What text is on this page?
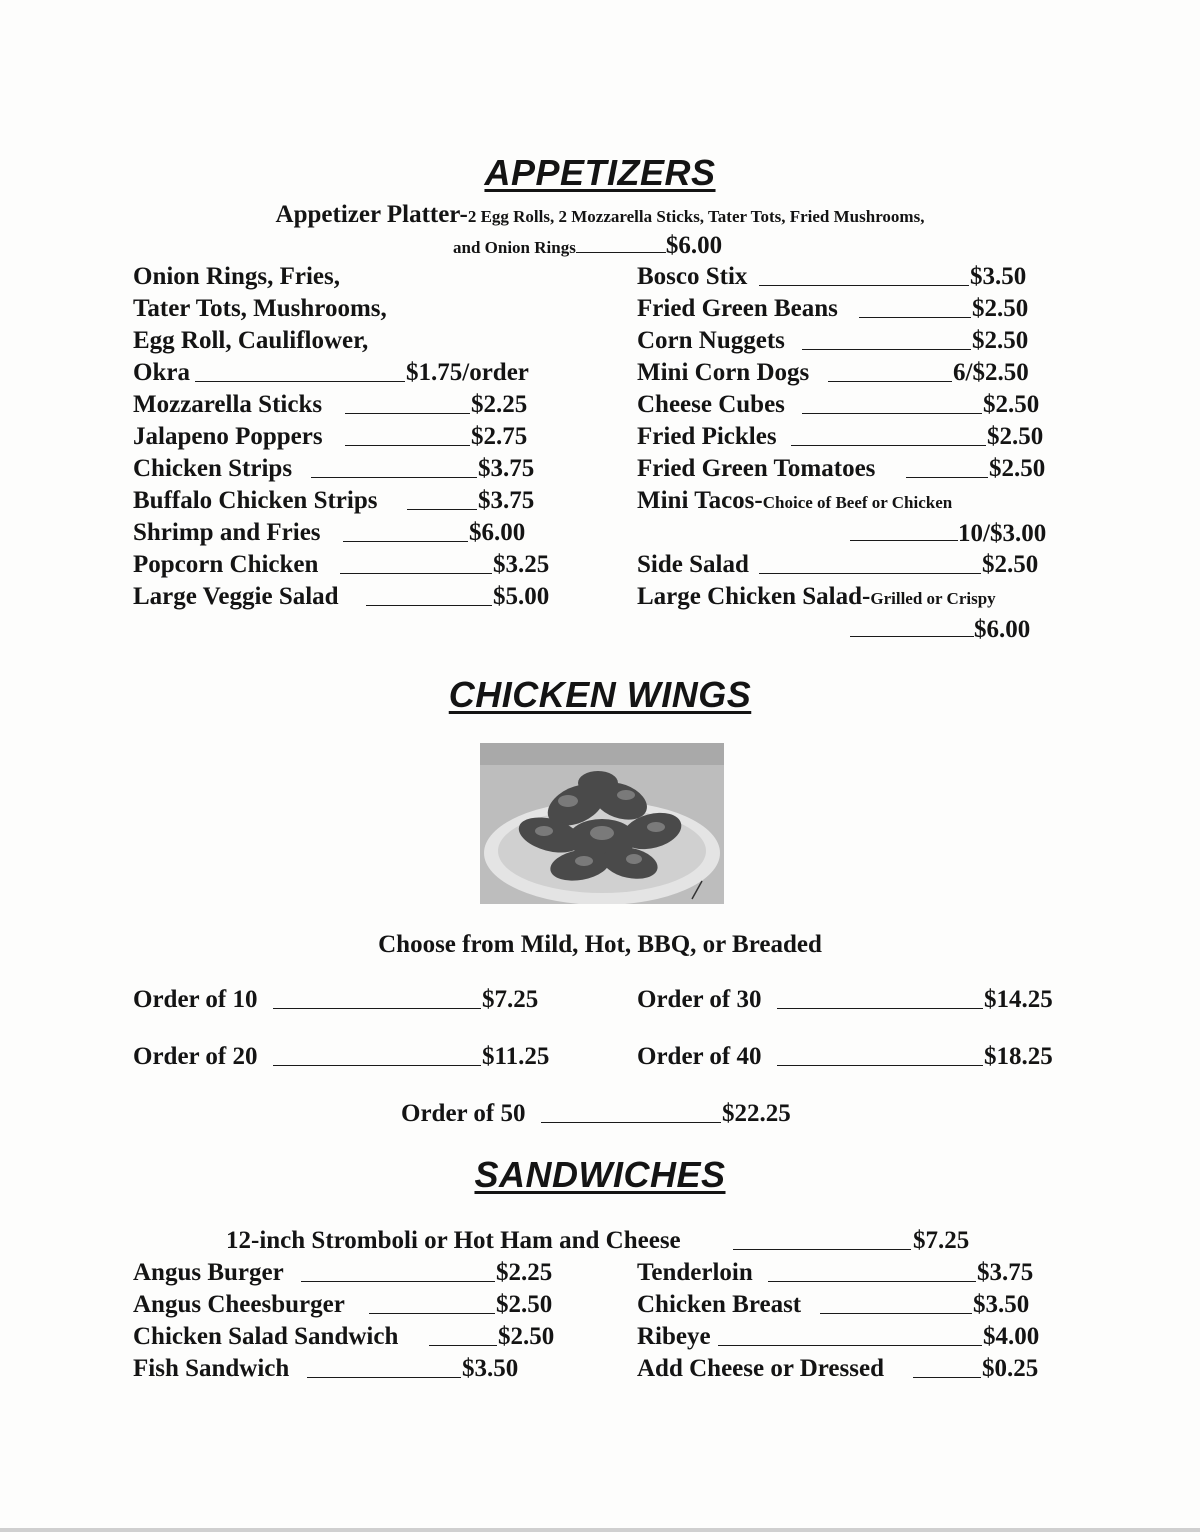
APPETIZERS
Appetizer Platter-2 Egg Rolls, 2 Mozzarella Sticks, Tater Tots, Fried Mushrooms,
and Onion Rings	$6.00
Onion Rings, Fries,
Tater Tots, Mushrooms,
Egg Roll, Cauliflower,
Okra	$1.75/order
Mozzarella Sticks	$2.25
Jalapeno Poppers	$2.75
Chicken Strips	$3.75
Buffalo Chicken Strips	$3.75
Shrimp and Fries	$6.00
Popcorn Chicken	$3.25
Large Veggie Salad	$5.00
Bosco Stix	$3.50
Fried Green Beans	$2.50
Corn Nuggets	$2.50
Mini Corn Dogs	6/$2.50
Cheese Cubes	$2.50
Fried Pickles	$2.50
Fried Green Tomatoes	$2.50
Mini Tacos-Choice of Beef or Chicken
10/$3.00
Side Salad	$2.50
Large Chicken Salad-Grilled or Crispy
$6.00
CHICKEN WINGS
Choose from Mild, Hot, BBQ, or Breaded
Order of 10	$7.25	Order of 30	$14.25
Order of 20	$11.25	Order of 40	$18.25
Order of 50	$22.25
SANDWICHES
12-inch Stromboli or Hot Ham and Cheese	$7.25
Angus Burger	$2.25
Angus Cheesburger	$2.50
Chicken Salad Sandwich	$2.50
Fish Sandwich	$3.50
Tenderloin	$3.75
Chicken Breast	$3.50
Ribeye	$4.00
Add Cheese or Dressed	$0.25
